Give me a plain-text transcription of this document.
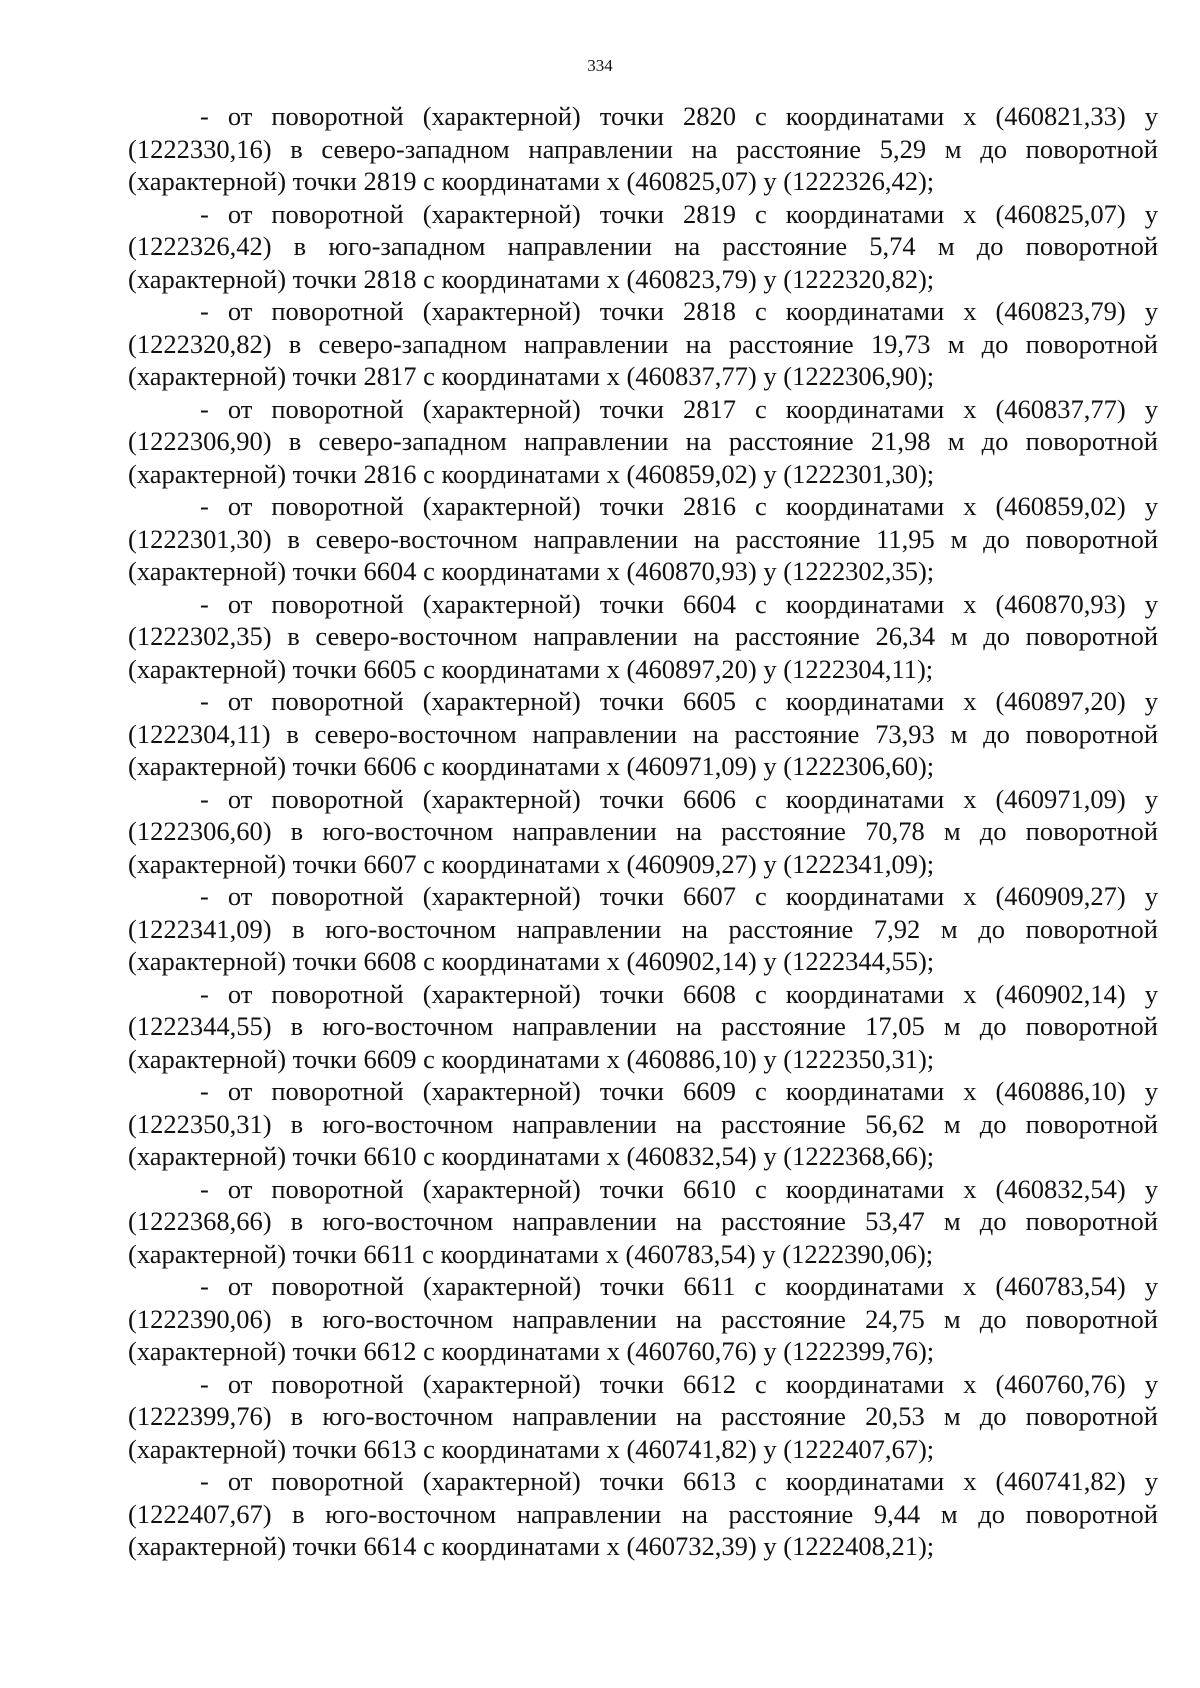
334

- от поворотной (характерной) точки 2820 с координатами х (460821,33) у (1222330,16) в северо-западном направлении на расстояние 5,29 м до поворотной (характерной) точки 2819 с координатами х (460825,07) у (1222326,42);

- от поворотной (характерной) точки 2819 с координатами х (460825,07) у (1222326,42) в юго-западном направлении на расстояние 5,74 м до поворотной (характерной) точки 2818 с координатами х (460823,79) у (1222320,82);

- от поворотной (характерной) точки 2818 с координатами х (460823,79) у (1222320,82) в северо-западном направлении на расстояние 19,73 м до поворотной (характерной) точки 2817 с координатами х (460837,77) у (1222306,90);

- от поворотной (характерной) точки 2817 с координатами х (460837,77) у (1222306,90) в северо-западном направлении на расстояние 21,98 м до поворотной (характерной) точки 2816 с координатами х (460859,02) у (1222301,30);

- от поворотной (характерной) точки 2816 с координатами х (460859,02) у (1222301,30) в северо-восточном направлении на расстояние 11,95 м до поворотной (характерной) точки 6604 с координатами х (460870,93) у (1222302,35);

- от поворотной (характерной) точки 6604 с координатами х (460870,93) у (1222302,35) в северо-восточном направлении на расстояние 26,34 м до поворотной (характерной) точки 6605 с координатами х (460897,20) у (1222304,11);

- от поворотной (характерной) точки 6605 с координатами х (460897,20) у (1222304,11) в северо-восточном направлении на расстояние 73,93 м до поворотной (характерной) точки 6606 с координатами х (460971,09) у (1222306,60);

- от поворотной (характерной) точки 6606 с координатами х (460971,09) у (1222306,60) в юго-восточном направлении на расстояние 70,78 м до поворотной (характерной) точки 6607 с координатами х (460909,27) у (1222341,09);

- от поворотной (характерной) точки 6607 с координатами х (460909,27) у (1222341,09) в юго-восточном направлении на расстояние 7,92 м до поворотной (характерной) точки 6608 с координатами х (460902,14) у (1222344,55);

- от поворотной (характерной) точки 6608 с координатами х (460902,14) у (1222344,55) в юго-восточном направлении на расстояние 17,05 м до поворотной (характерной) точки 6609 с координатами х (460886,10) у (1222350,31);

- от поворотной (характерной) точки 6609 с координатами х (460886,10) у (1222350,31) в юго-восточном направлении на расстояние 56,62 м до поворотной (характерной) точки 6610 с координатами х (460832,54) у (1222368,66);

- от поворотной (характерной) точки 6610 с координатами х (460832,54) у (1222368,66) в юго-восточном направлении на расстояние 53,47 м до поворотной (характерной) точки 6611 с координатами х (460783,54) у (1222390,06);

- от поворотной (характерной) точки 6611 с координатами х (460783,54) у (1222390,06) в юго-восточном направлении на расстояние 24,75 м до поворотной (характерной) точки 6612 с координатами х (460760,76) у (1222399,76);

- от поворотной (характерной) точки 6612 с координатами х (460760,76) у (1222399,76) в юго-восточном направлении на расстояние 20,53 м до поворотной (характерной) точки 6613 с координатами х (460741,82) у (1222407,67);

- от поворотной (характерной) точки 6613 с координатами х (460741,82) у (1222407,67) в юго-восточном направлении на расстояние 9,44 м до поворотной (характерной) точки 6614 с координатами х (460732,39) у (1222408,21);
